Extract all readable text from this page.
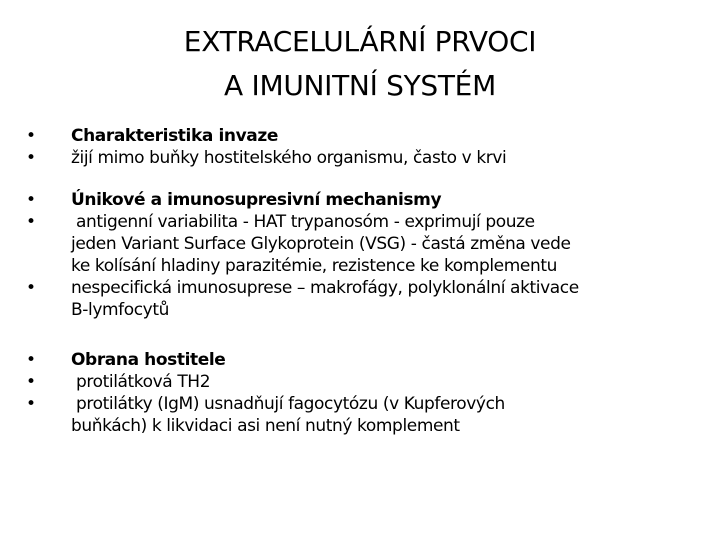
EXTRACELULÁRNÍ PRVOCI
A IMUNITNÍ SYSTÉM
•	Charakteristika invaze
•	žijí mimo buňky hostitelského organismu, často v krvi
•	Únikové a imunosupresivní mechanismy
•	antigenní variabilita - HAT trypanosóm - exprimují pouze
jeden Variant Surface Glykoprotein (VSG) - častá změna vede
ke kolísání hladiny parazitémie, rezistence ke komplementu
•	nespecifická imunosuprese – makrofágy, polyklonální aktivace
B-lymfocytů
•	Obrana hostitele
•	protilátková TH2
•	protilátky (IgM) usnadňují fagocytózu (v Kupferových
buňkách) k likvidaci asi není nutný komplement
